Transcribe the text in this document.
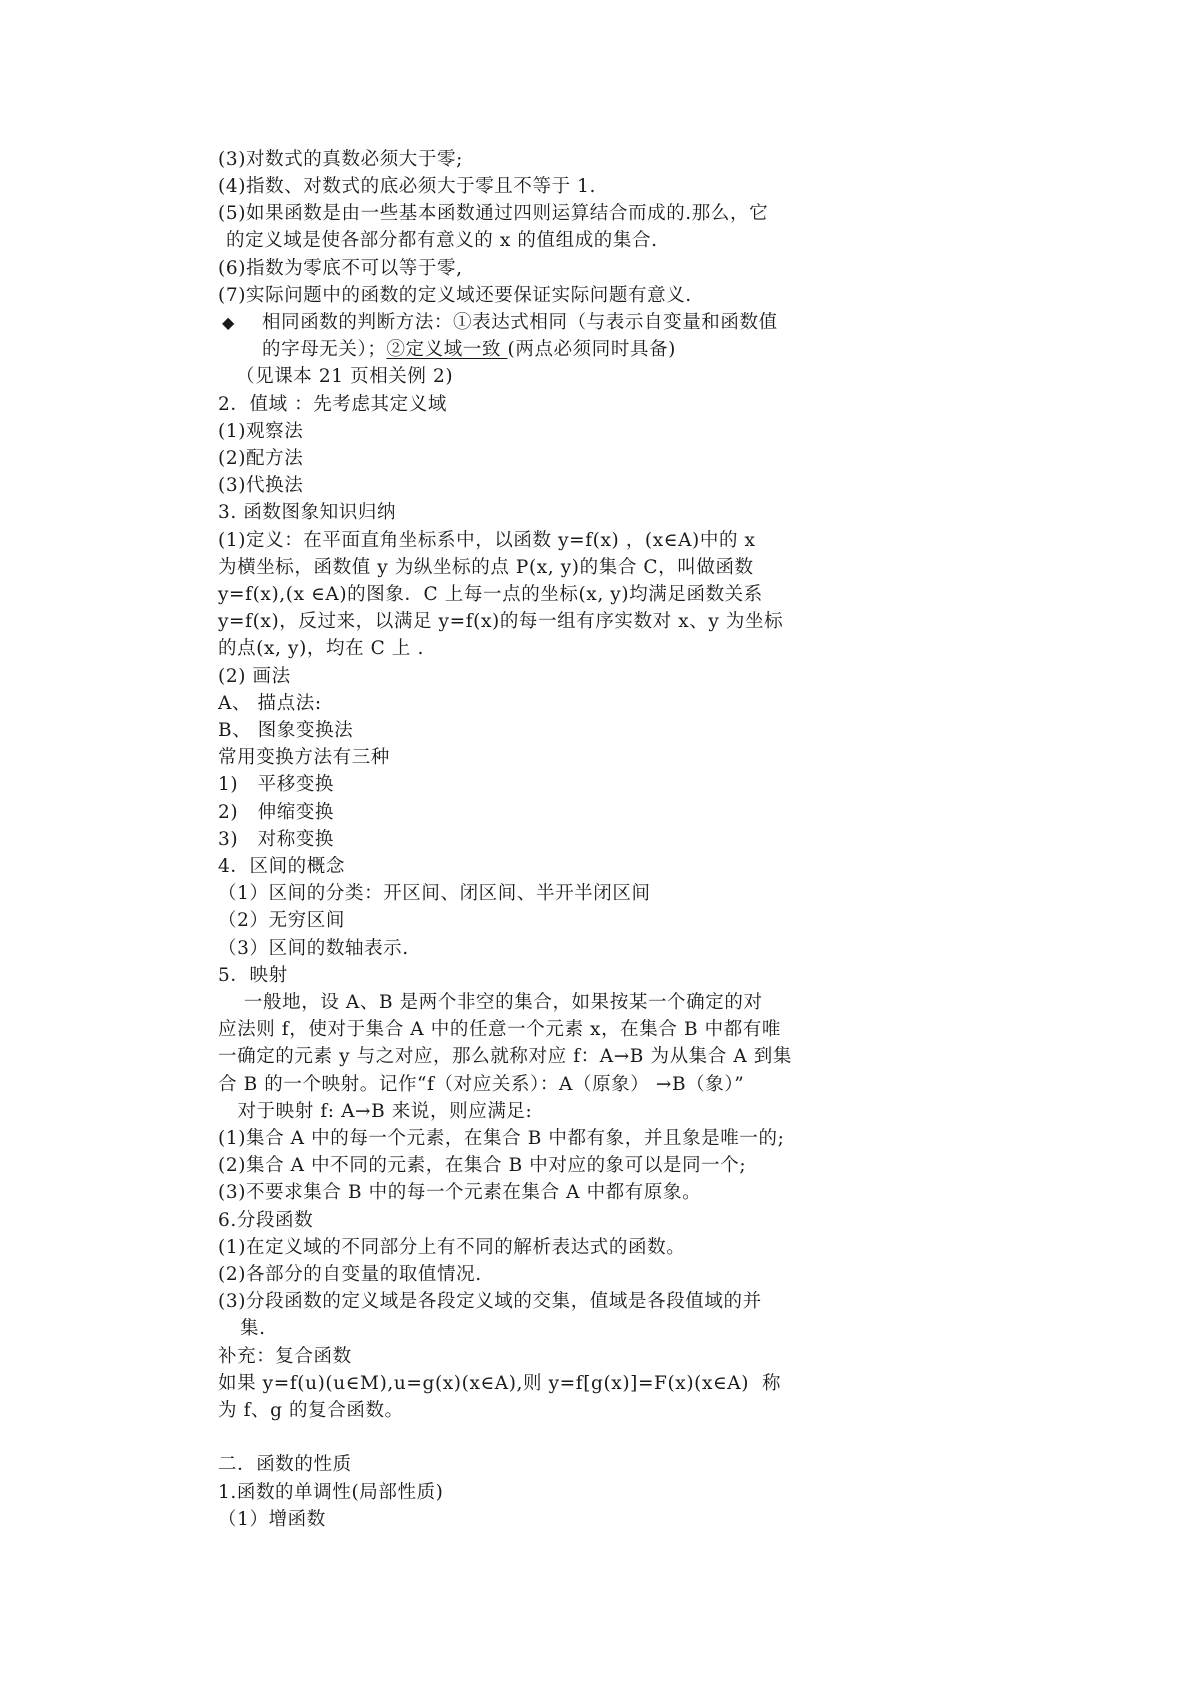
(3)对数式的真数必须大于零;
(4)指数、对数式的底必须大于零且不等于 1.
(5)如果函数是由一些基本函数通过四则运算结合而成的.那么，它
的定义域是使各部分都有意义的 x 的值组成的集合.
(6)指数为零底不可以等于零,
(7)实际问题中的函数的定义域还要保证实际问题有意义.
◆	相同函数的判断方法：①表达式相同（与表示自变量和函数值
的字母无关）；②定义域一致 (两点必须同时具备)
（见课本 21 页相关例 2)
2．值域 ：先考虑其定义域
(1)观察法
(2)配方法
(3)代换法
3. 函数图象知识归纳
(1)定义：在平面直角坐标系中，以函数 y=f(x) ，(x∈A)中的 x
为横坐标，函数值 y 为纵坐标的点 P(x, y)的集合 C，叫做函数
y=f(x),(x ∈A)的图象．C 上每一点的坐标(x, y)均满足函数关系
y=f(x)，反过来，以满足 y=f(x)的每一组有序实数对 x、y 为坐标
的点(x, y)，均在 C 上 .
(2) 画法
A、 描点法:
B、 图象变换法
常用变换方法有三种
1)   平移变换
2)   伸缩变换
3)   对称变换
4．区间的概念
（1）区间的分类：开区间、闭区间、半开半闭区间
（2）无穷区间
（3）区间的数轴表示.
5．映射
一般地，设 A、B 是两个非空的集合，如果按某一个确定的对
应法则 f，使对于集合 A 中的任意一个元素 x，在集合 B 中都有唯
一确定的元素 y 与之对应，那么就称对应 f：A→B 为从集合 A 到集
合 B 的一个映射。记作“f（对应关系）：A（原象） →B（象）”
对于映射 f: A→B 来说，则应满足:
(1)集合 A 中的每一个元素，在集合 B 中都有象，并且象是唯一的;
(2)集合 A 中不同的元素，在集合 B 中对应的象可以是同一个;
(3)不要求集合 B 中的每一个元素在集合 A 中都有原象。
6.分段函数
(1)在定义域的不同部分上有不同的解析表达式的函数。
(2)各部分的自变量的取值情况.
(3)分段函数的定义域是各段定义域的交集，值域是各段值域的并
集.
补充：复合函数
如果 y=f(u)(u∈M),u=g(x)(x∈A),则 y=f[g(x)]=F(x)(x∈A)  称
为 f、g 的复合函数。
二．函数的性质
1.函数的单调性(局部性质)
（1）增函数
